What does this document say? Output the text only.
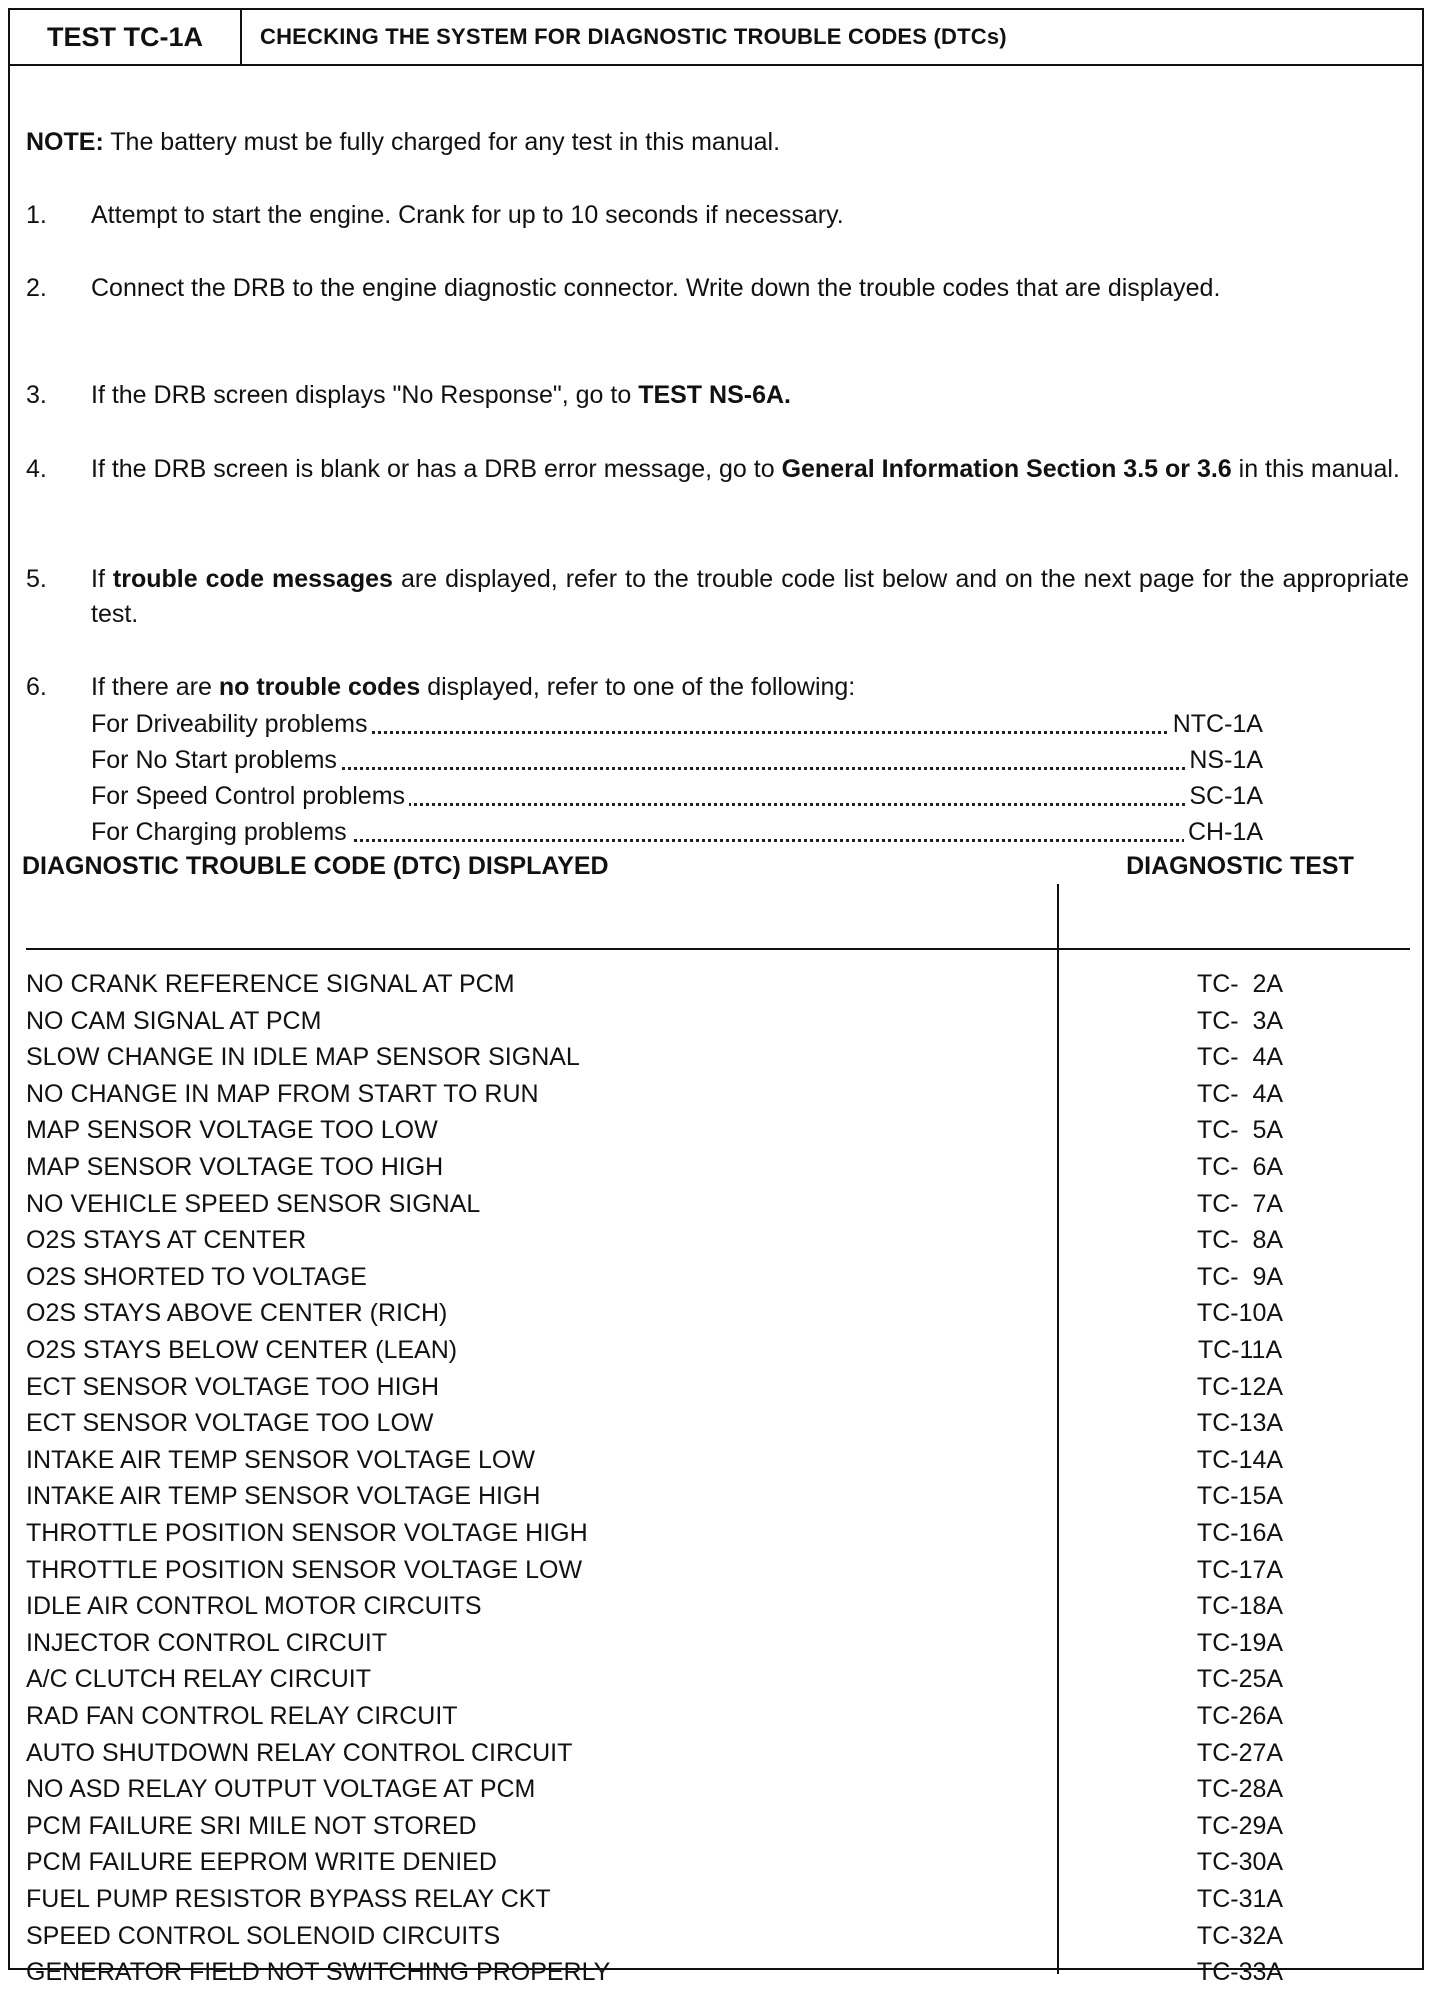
TEST TC-1A	CHECKING THE SYSTEM FOR DIAGNOSTIC TROUBLE CODES (DTCs)
NOTE: The battery must be fully charged for any test in this manual.
1.	Attempt to start the engine. Crank for up to 10 seconds if necessary.
2.	Connect the DRB to the engine diagnostic connector. Write down the trouble codes that are displayed.
3.	If the DRB screen displays "No Response", go to TEST NS-6A.
4.	If the DRB screen is blank or has a DRB error message, go to General Information Section 3.5 or 3.6 in this manual.
5.	If trouble code messages are displayed, refer to the trouble code list below and on the next page for the appropriate test.
6.	If there are no trouble codes displayed, refer to one of the following:
For Driveability problems	NTC-1A
For No Start problems	NS-1A
For Speed Control problems	SC-1A
For Charging problems	CH-1A
DIAGNOSTIC TROUBLE CODE (DTC) DISPLAYED	DIAGNOSTIC TEST
NO CRANK REFERENCE SIGNAL AT PCM	TC-  2A
NO CAM SIGNAL AT PCM	TC-  3A
SLOW CHANGE IN IDLE MAP SENSOR SIGNAL	TC-  4A
NO CHANGE IN MAP FROM START TO RUN	TC-  4A
MAP SENSOR VOLTAGE TOO LOW	TC-  5A
MAP SENSOR VOLTAGE TOO HIGH	TC-  6A
NO VEHICLE SPEED SENSOR SIGNAL	TC-  7A
O2S STAYS AT CENTER	TC-  8A
O2S SHORTED TO VOLTAGE	TC-  9A
O2S STAYS ABOVE CENTER (RICH)	TC-10A
O2S STAYS BELOW CENTER (LEAN)	TC-11A
ECT SENSOR VOLTAGE TOO HIGH	TC-12A
ECT SENSOR VOLTAGE TOO LOW	TC-13A
INTAKE AIR TEMP SENSOR VOLTAGE LOW	TC-14A
INTAKE AIR TEMP SENSOR VOLTAGE HIGH	TC-15A
THROTTLE POSITION SENSOR VOLTAGE HIGH	TC-16A
THROTTLE POSITION SENSOR VOLTAGE LOW	TC-17A
IDLE AIR CONTROL MOTOR CIRCUITS	TC-18A
INJECTOR CONTROL CIRCUIT	TC-19A
A/C CLUTCH RELAY CIRCUIT	TC-25A
RAD FAN CONTROL RELAY CIRCUIT	TC-26A
AUTO SHUTDOWN RELAY CONTROL CIRCUIT	TC-27A
NO ASD RELAY OUTPUT VOLTAGE AT PCM	TC-28A
PCM FAILURE SRI MILE NOT STORED	TC-29A
PCM FAILURE EEPROM WRITE DENIED	TC-30A
FUEL PUMP RESISTOR BYPASS RELAY CKT	TC-31A
SPEED CONTROL SOLENOID CIRCUITS	TC-32A
GENERATOR FIELD NOT SWITCHING PROPERLY	TC-33A
